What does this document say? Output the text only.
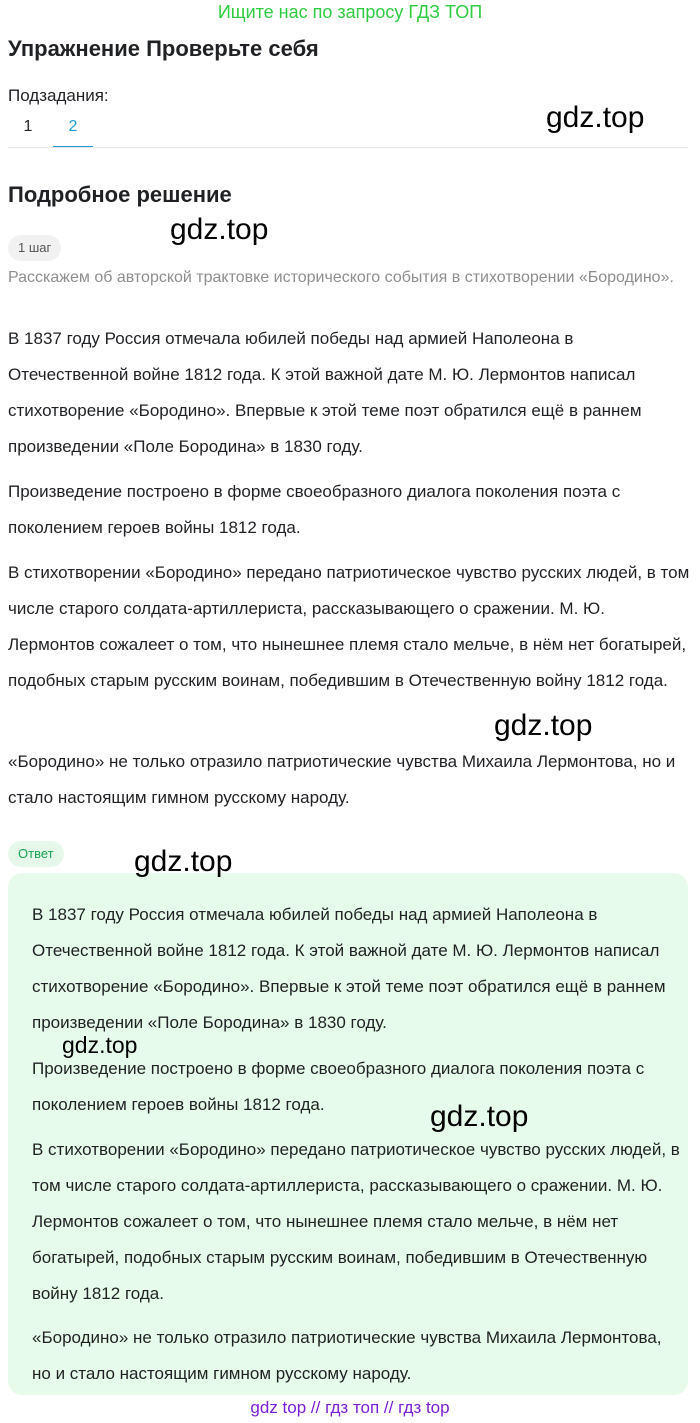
Ищите нас по запросу ГДЗ ТОП
Упражнение Проверьте себя
Подзадания:
1	2	gdz.top
Подробное решение
gdz.top
1 шаг
Расскажем об авторской трактовке исторического события в стихотворении «Бородино».
В 1837 году Россия отмечала юбилей победы над армией Наполеона в Отечественной войне 1812 года. К этой важной дате М. Ю. Лермонтов написал стихотворение «Бородино». Впервые к этой теме поэт обратился ещё в раннем произведении «Поле Бородина» в 1830 году.
Произведение построено в форме своеобразного диалога поколения поэта с поколением героев войны 1812 года.
В стихотворении «Бородино» передано патриотическое чувство русских людей, в том числе старого солдата-артиллериста, рассказывающего о сражении. М. Ю. Лермонтов сожалеет о том, что нынешнее племя стало мельче, в нём нет богатырей, подобных старым русским воинам, победившим в Отечественную войну 1812 года.
«Бородино» не только отразило патриотические чувства Михаила Лермонтова, но и стало настоящим гимном русскому народу.
gdz.top
Ответ	gdz.top
В 1837 году Россия отмечала юбилей победы над армией Наполеона в Отечественной войне 1812 года. К этой важной дате М. Ю. Лермонтов написал стихотворение «Бородино». Впервые к этой теме поэт обратился ещё в раннем произведении «Поле Бородина» в 1830 году.
Произведение построено в форме своеобразного диалога поколения поэта с поколением героев войны 1812 года.
В стихотворении «Бородино» передано патриотическое чувство русских людей, в том числе старого солдата-артиллериста, рассказывающего о сражении. М. Ю. Лермонтов сожалеет о том, что нынешнее племя стало мельче, в нём нет богатырей, подобных старым русским воинам, победившим в Отечественную войну 1812 года.
«Бородино» не только отразило патриотические чувства Михаила Лермонтова, но и стало настоящим гимном русскому народу.
gdz.top
gdz.top
gdz top // гдз топ // гдз top
